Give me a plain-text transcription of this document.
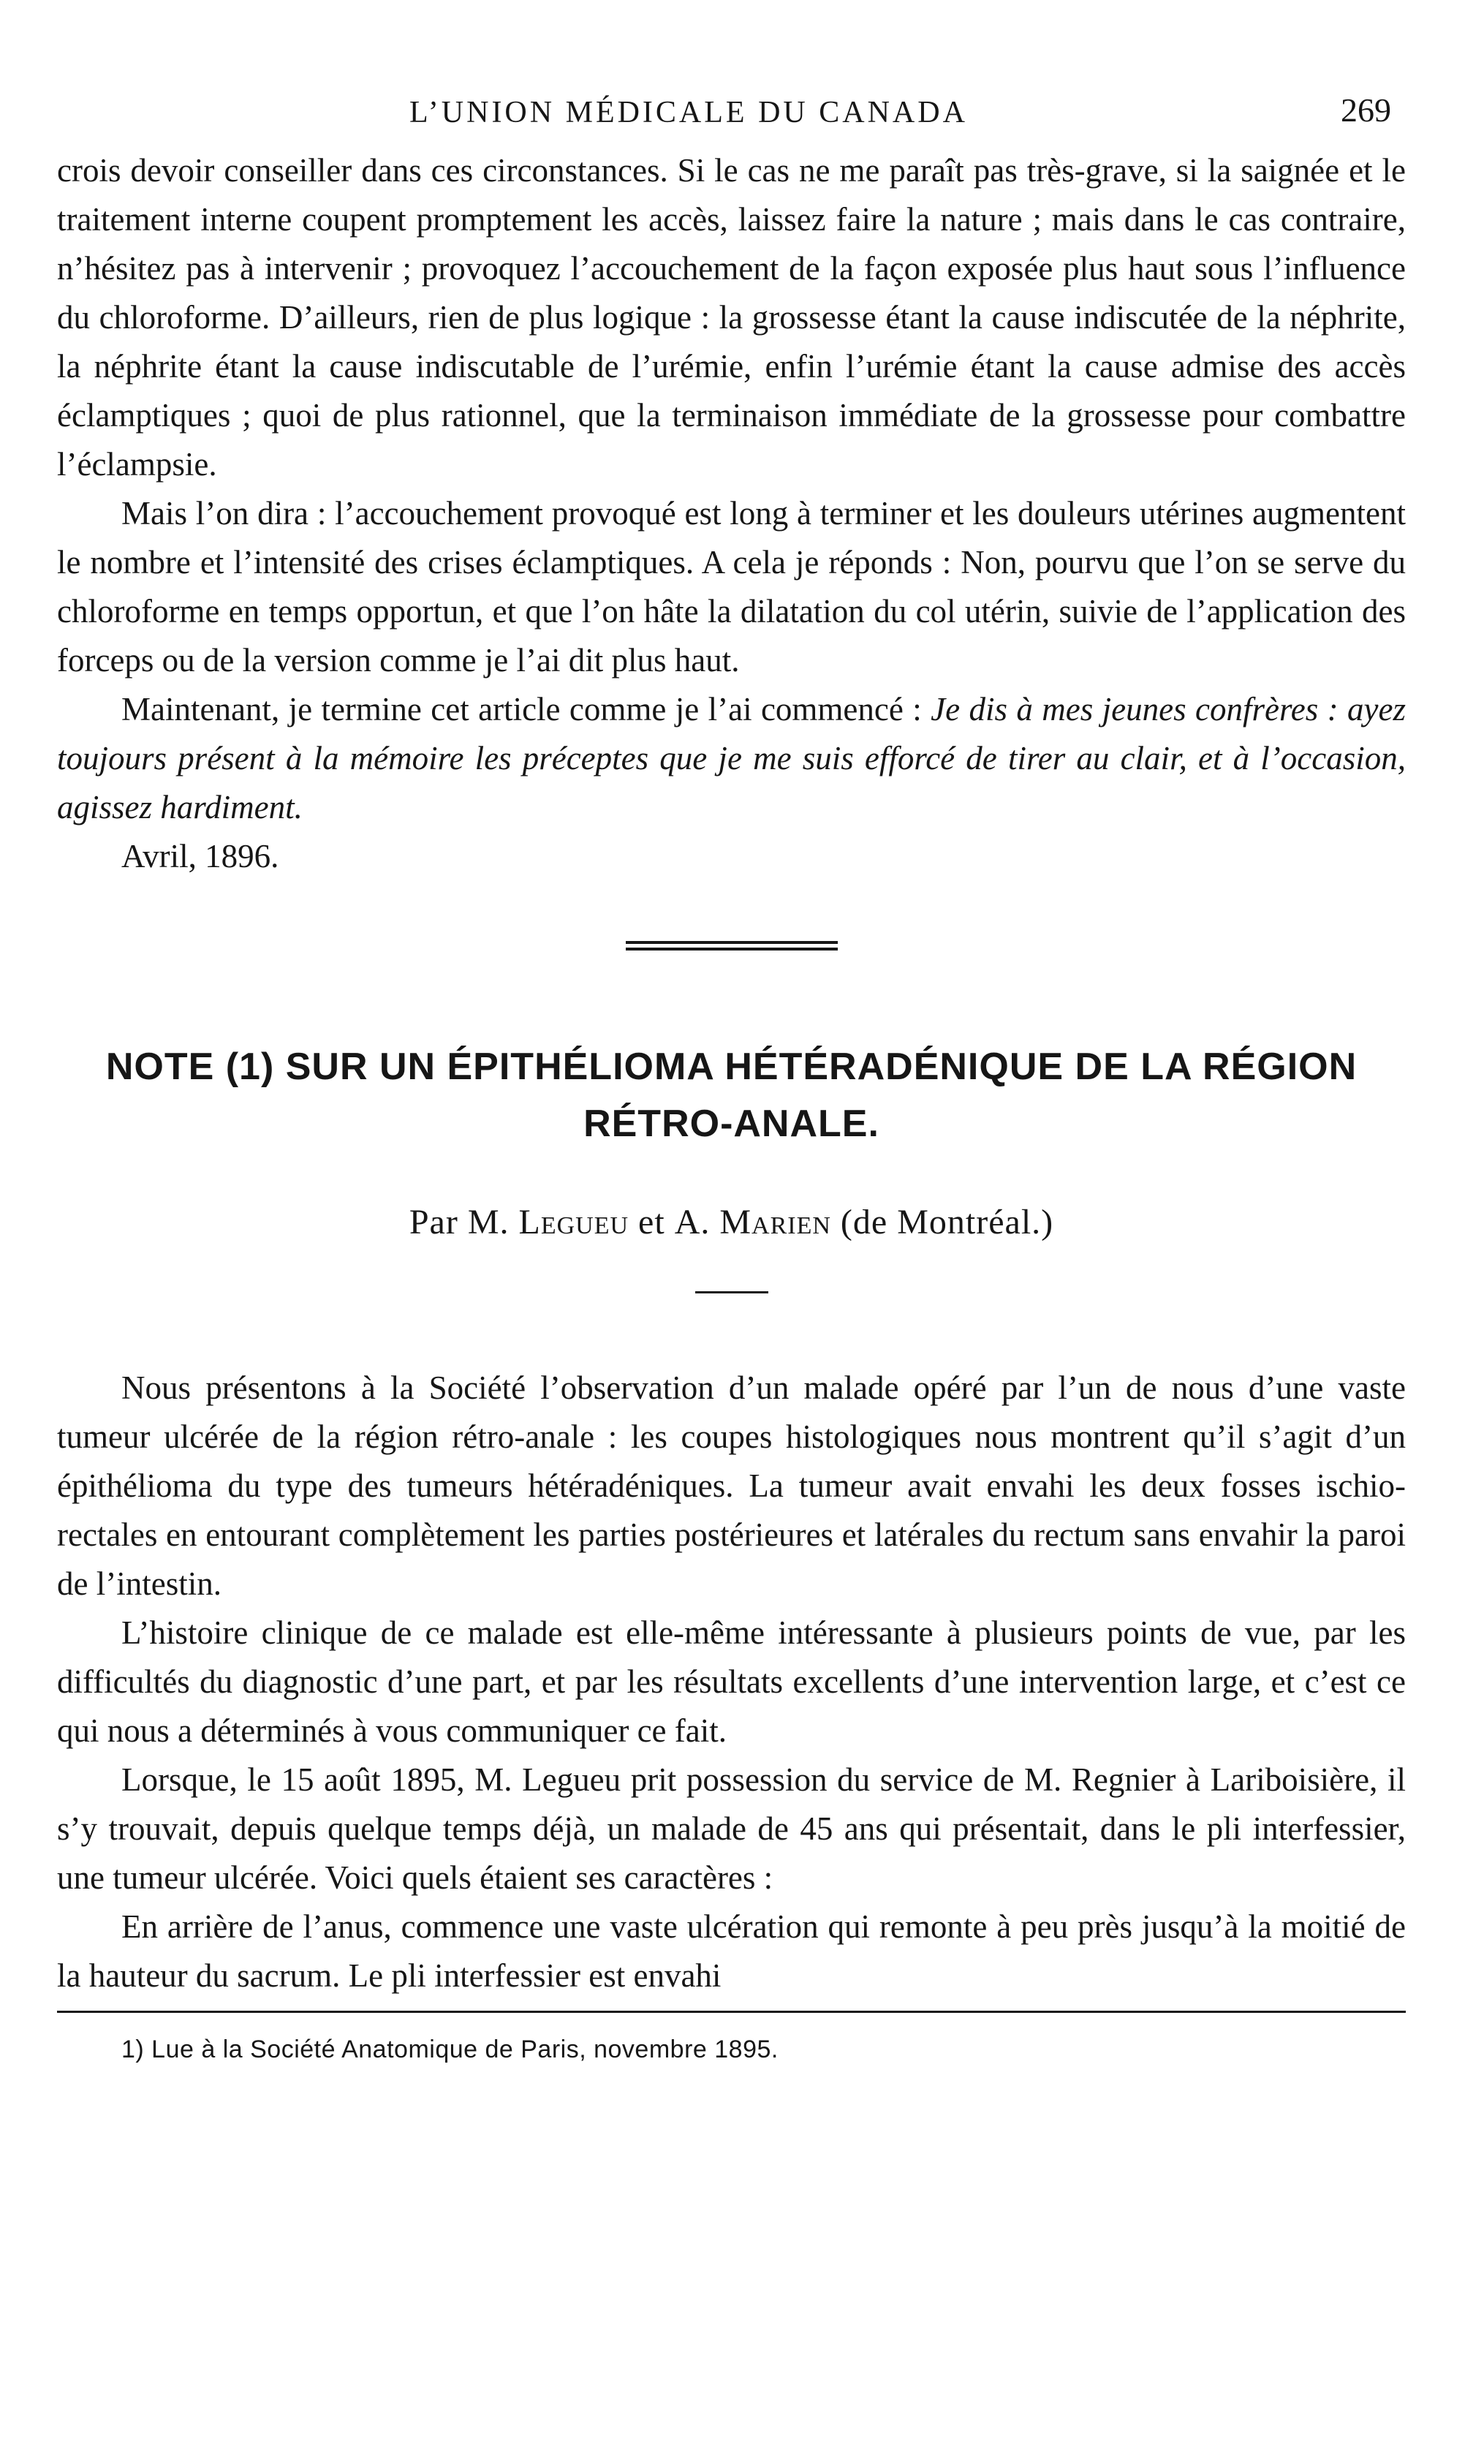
L’UNION MÉDICALE DU CANADA	269

crois devoir conseiller dans ces circonstances. Si le cas ne me paraît pas très-grave, si la saignée et le traitement interne coupent promptement les accès, laissez faire la nature ; mais dans le cas contraire, n’hésitez pas à intervenir ; provoquez l’accouchement de la façon exposée plus haut sous l’influence du chloroforme. D’ailleurs, rien de plus logique : la grossesse étant la cause indiscutée de la néphrite, la néphrite étant la cause indiscutable de l’urémie, enfin l’urémie étant la cause admise des accès éclamptiques ; quoi de plus rationnel, que la terminaison immédiate de la grossesse pour combattre l’éclampsie.

Mais l’on dira : l’accouchement provoqué est long à terminer et les douleurs utérines augmentent le nombre et l’intensité des crises éclamptiques. A cela je réponds : Non, pourvu que l’on se serve du chloroforme en temps opportun, et que l’on hâte la dilatation du col utérin, suivie de l’application des forceps ou de la version comme je l’ai dit plus haut.

Maintenant, je termine cet article comme je l’ai commencé : Je dis à mes jeunes confrères : ayez toujours présent à la mémoire les préceptes que je me suis efforcé de tirer au clair, et à l’occasion, agissez hardiment.

Avril, 1896.

NOTE (1) SUR UN ÉPITHÉLIOMA HÉTÉRADÉNIQUE DE LA RÉGION
RÉTRO-ANALE.

Par M. Legueu et A. Marien (de Montréal.)

Nous présentons à la Société l’observation d’un malade opéré par l’un de nous d’une vaste tumeur ulcérée de la région rétro-anale : les coupes histologiques nous montrent qu’il s’agit d’un épithélioma du type des tumeurs hétéradéniques. La tumeur avait envahi les deux fosses ischio-rectales en entourant complètement les parties postérieures et latérales du rectum sans envahir la paroi de l’intestin.

L’histoire clinique de ce malade est elle-même intéressante à plusieurs points de vue, par les difficultés du diagnostic d’une part, et par les résultats excellents d’une intervention large, et c’est ce qui nous a déterminés à vous communiquer ce fait.

Lorsque, le 15 août 1895, M. Legueu prit possession du service de M. Regnier à Lariboisière, il s’y trouvait, depuis quelque temps déjà, un malade de 45 ans qui présentait, dans le pli interfessier, une tumeur ulcérée. Voici quels étaient ses caractères :

En arrière de l’anus, commence une vaste ulcération qui remonte à peu près jusqu’à la moitié de la hauteur du sacrum. Le pli interfessier est envahi

1) Lue à la Société Anatomique de Paris, novembre 1895.
